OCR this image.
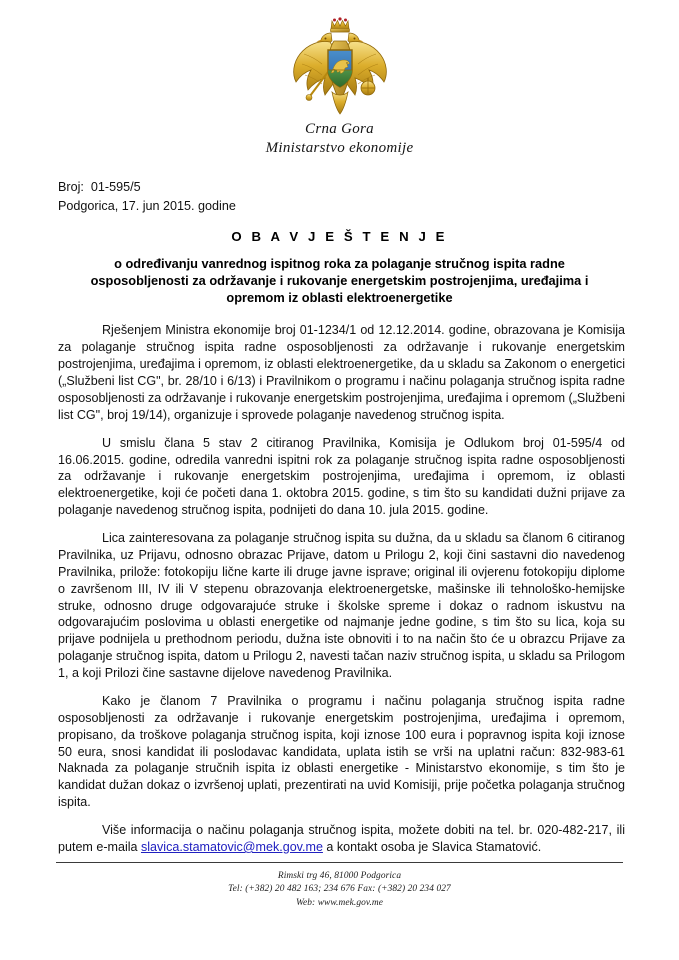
Crna Gora
Ministarstvo ekonomije
Broj:  01-595/5
Podgorica, 17. jun 2015. godine
O B A V J E Š T E N J E
o određivanju vanrednog ispitnog roka za polaganje stručnog ispita radne osposobljenosti za održavanje i rukovanje energetskim postrojenjima, uređajima i opremom iz oblasti elektroenergetike

Rješenjem Ministra ekonomije broj 01-1234/1 od 12.12.2014. godine, obrazovana je Komisija za polaganje stručnog ispita radne osposobljenosti za održavanje i rukovanje energetskim postrojenjima, uređajima i opremom, iz oblasti elektroenergetike, da u skladu sa Zakonom o energetici („Službeni list CG", br. 28/10 i 6/13) i Pravilnikom o programu i načinu polaganja stručnog ispita radne osposobljenosti za održavanje i rukovanje energetskim postrojenjima, uređajima i opremom („Službeni list CG", broj 19/14), organizuje i sprovede polaganje navedenog stručnog ispita.

U smislu člana 5 stav 2 citiranog Pravilnika, Komisija je Odlukom broj 01-595/4 od 16.06.2015. godine, odredila vanredni ispitni rok za polaganje stručnog ispita radne osposobljenosti za održavanje i rukovanje energetskim postrojenjima, uređajima i opremom, iz oblasti elektroenergetike, koji će početi dana 1. oktobra 2015. godine, s tim što su kandidati dužni prijave za polaganje navedenog stručnog ispita, podnijeti do dana 10. jula 2015. godine.

Lica zainteresovana za polaganje stručnog ispita su dužna, da u skladu sa članom 6 citiranog Pravilnika, uz Prijavu, odnosno obrazac Prijave, datom u Prilogu 2, koji čini sastavni dio navedenog Pravilnika, prilože: fotokopiju lične karte ili druge javne isprave; original ili ovjerenu fotokopiju diplome o završenom III, IV ili V stepenu obrazovanja elektroenergetske, mašinske ili tehnološko-hemijske struke, odnosno druge odgovarajuće struke i školske spreme i dokaz o radnom iskustvu na odgovarajućim poslovima u oblasti energetike od najmanje jedne godine, s tim što su lica, koja su prijave podnijela u prethodnom periodu, dužna iste obnoviti i to na način što će u obrazcu Prijave za polaganje stručnog ispita, datom u Prilogu 2, navesti tačan naziv stručnog ispita, u skladu sa Prilogom 1, a koji Prilozi čine sastavne dijelove navedenog Pravilnika.

Kako je članom 7 Pravilnika o programu i načinu polaganja stručnog ispita radne osposobljenosti za održavanje i rukovanje energetskim postrojenjima, uređajima i opremom, propisano, da troškove polaganja stručnog ispita, koji iznose 100 eura i popravnog ispita koji iznose 50 eura, snosi kandidat ili poslodavac kandidata, uplata istih se vrši na uplatni račun: 832-983-61 Naknada za polaganje stručnih ispita iz oblasti energetike - Ministarstvo ekonomije, s tim što je kandidat dužan dokaz o izvršenoj uplati, prezentirati na uvid Komisiji, prije početka polaganja stručnog ispita.

Više informacija o načinu polaganja stručnog ispita, možete dobiti na tel. br. 020-482-217, ili putem e-maila slavica.stamatovic@mek.gov.me a kontakt osoba je Slavica Stamatović.

Rimski trg 46, 81000 Podgorica
Tel: (+382) 20 482 163; 234 676 Fax: (+382) 20 234 027
Web: www.mek.gov.me
